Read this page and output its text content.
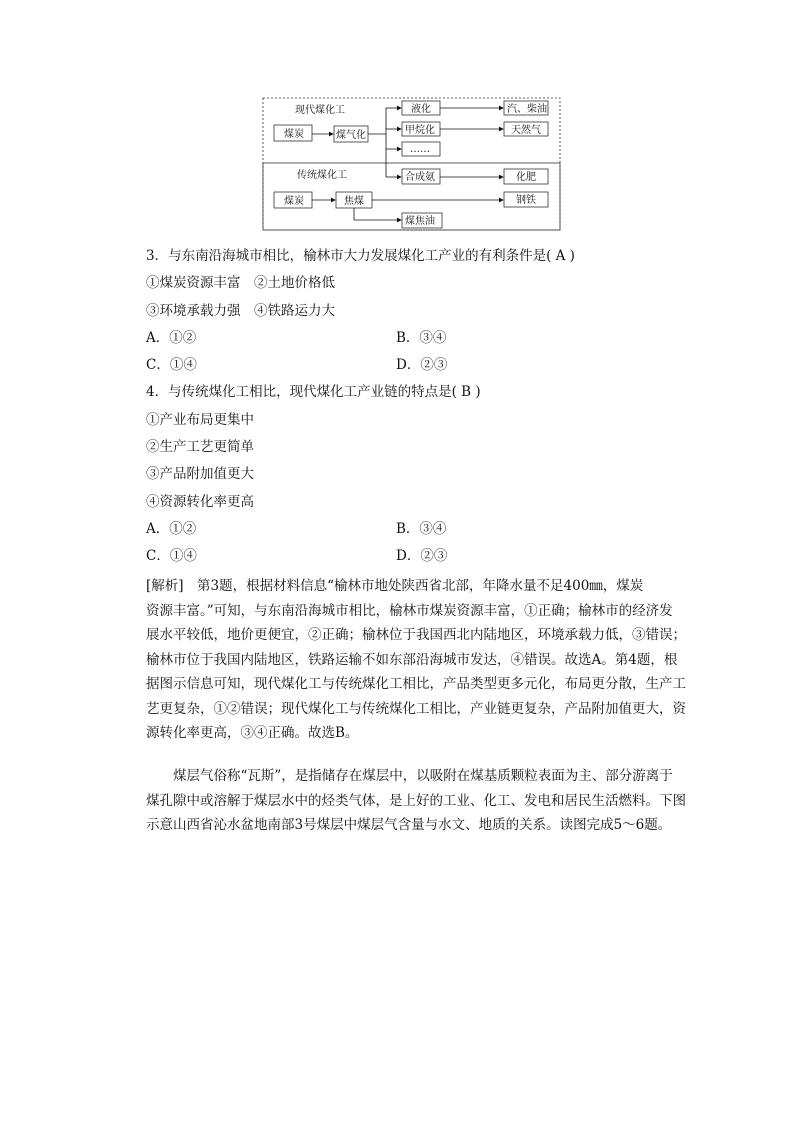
现代煤化工
传统煤化工
煤炭	煤气化
液化
甲烷化
……
汽、柴油
天然气
合成氨	化肥
煤炭	焦煤	钢铁
煤焦油
3．与东南沿海城市相比，榆林市大力发展煤化工产业的有利条件是( A )
①煤炭资源丰富　②土地价格低
③环境承载力强　④铁路运力大
A．①②	B．③④
C．①④	D．②③
4．与传统煤化工相比，现代煤化工产业链的特点是( B )
①产业布局更集中
②生产工艺更简单
③产品附加值更大
④资源转化率更高
A．①②	B．③④
C．①④	D．②③
[解析]　第3题，根据材料信息“榆林市地处陕西省北部，年降水量不足400㎜，煤炭
资源丰富。”可知，与东南沿海城市相比，榆林市煤炭资源丰富，①正确；榆林市的经济发
展水平较低，地价更便宜，②正确；榆林位于我国西北内陆地区，环境承载力低，③错误；
榆林市位于我国内陆地区，铁路运输不如东部沿海城市发达，④错误。故选A。第4题，根
据图示信息可知，现代煤化工与传统煤化工相比，产品类型更多元化，布局更分散，生产工
艺更复杂，①②错误；现代煤化工与传统煤化工相比，产业链更复杂，产品附加值更大，资
源转化率更高，③④正确。故选B。
　　煤层气俗称“瓦斯”，是指储存在煤层中，以吸附在煤基质颗粒表面为主、部分游离于
煤孔隙中或溶解于煤层水中的烃类气体，是上好的工业、化工、发电和居民生活燃料。下图
示意山西省沁水盆地南部3号煤层中煤层气含量与水文、地质的关系。读图完成5～6题。
